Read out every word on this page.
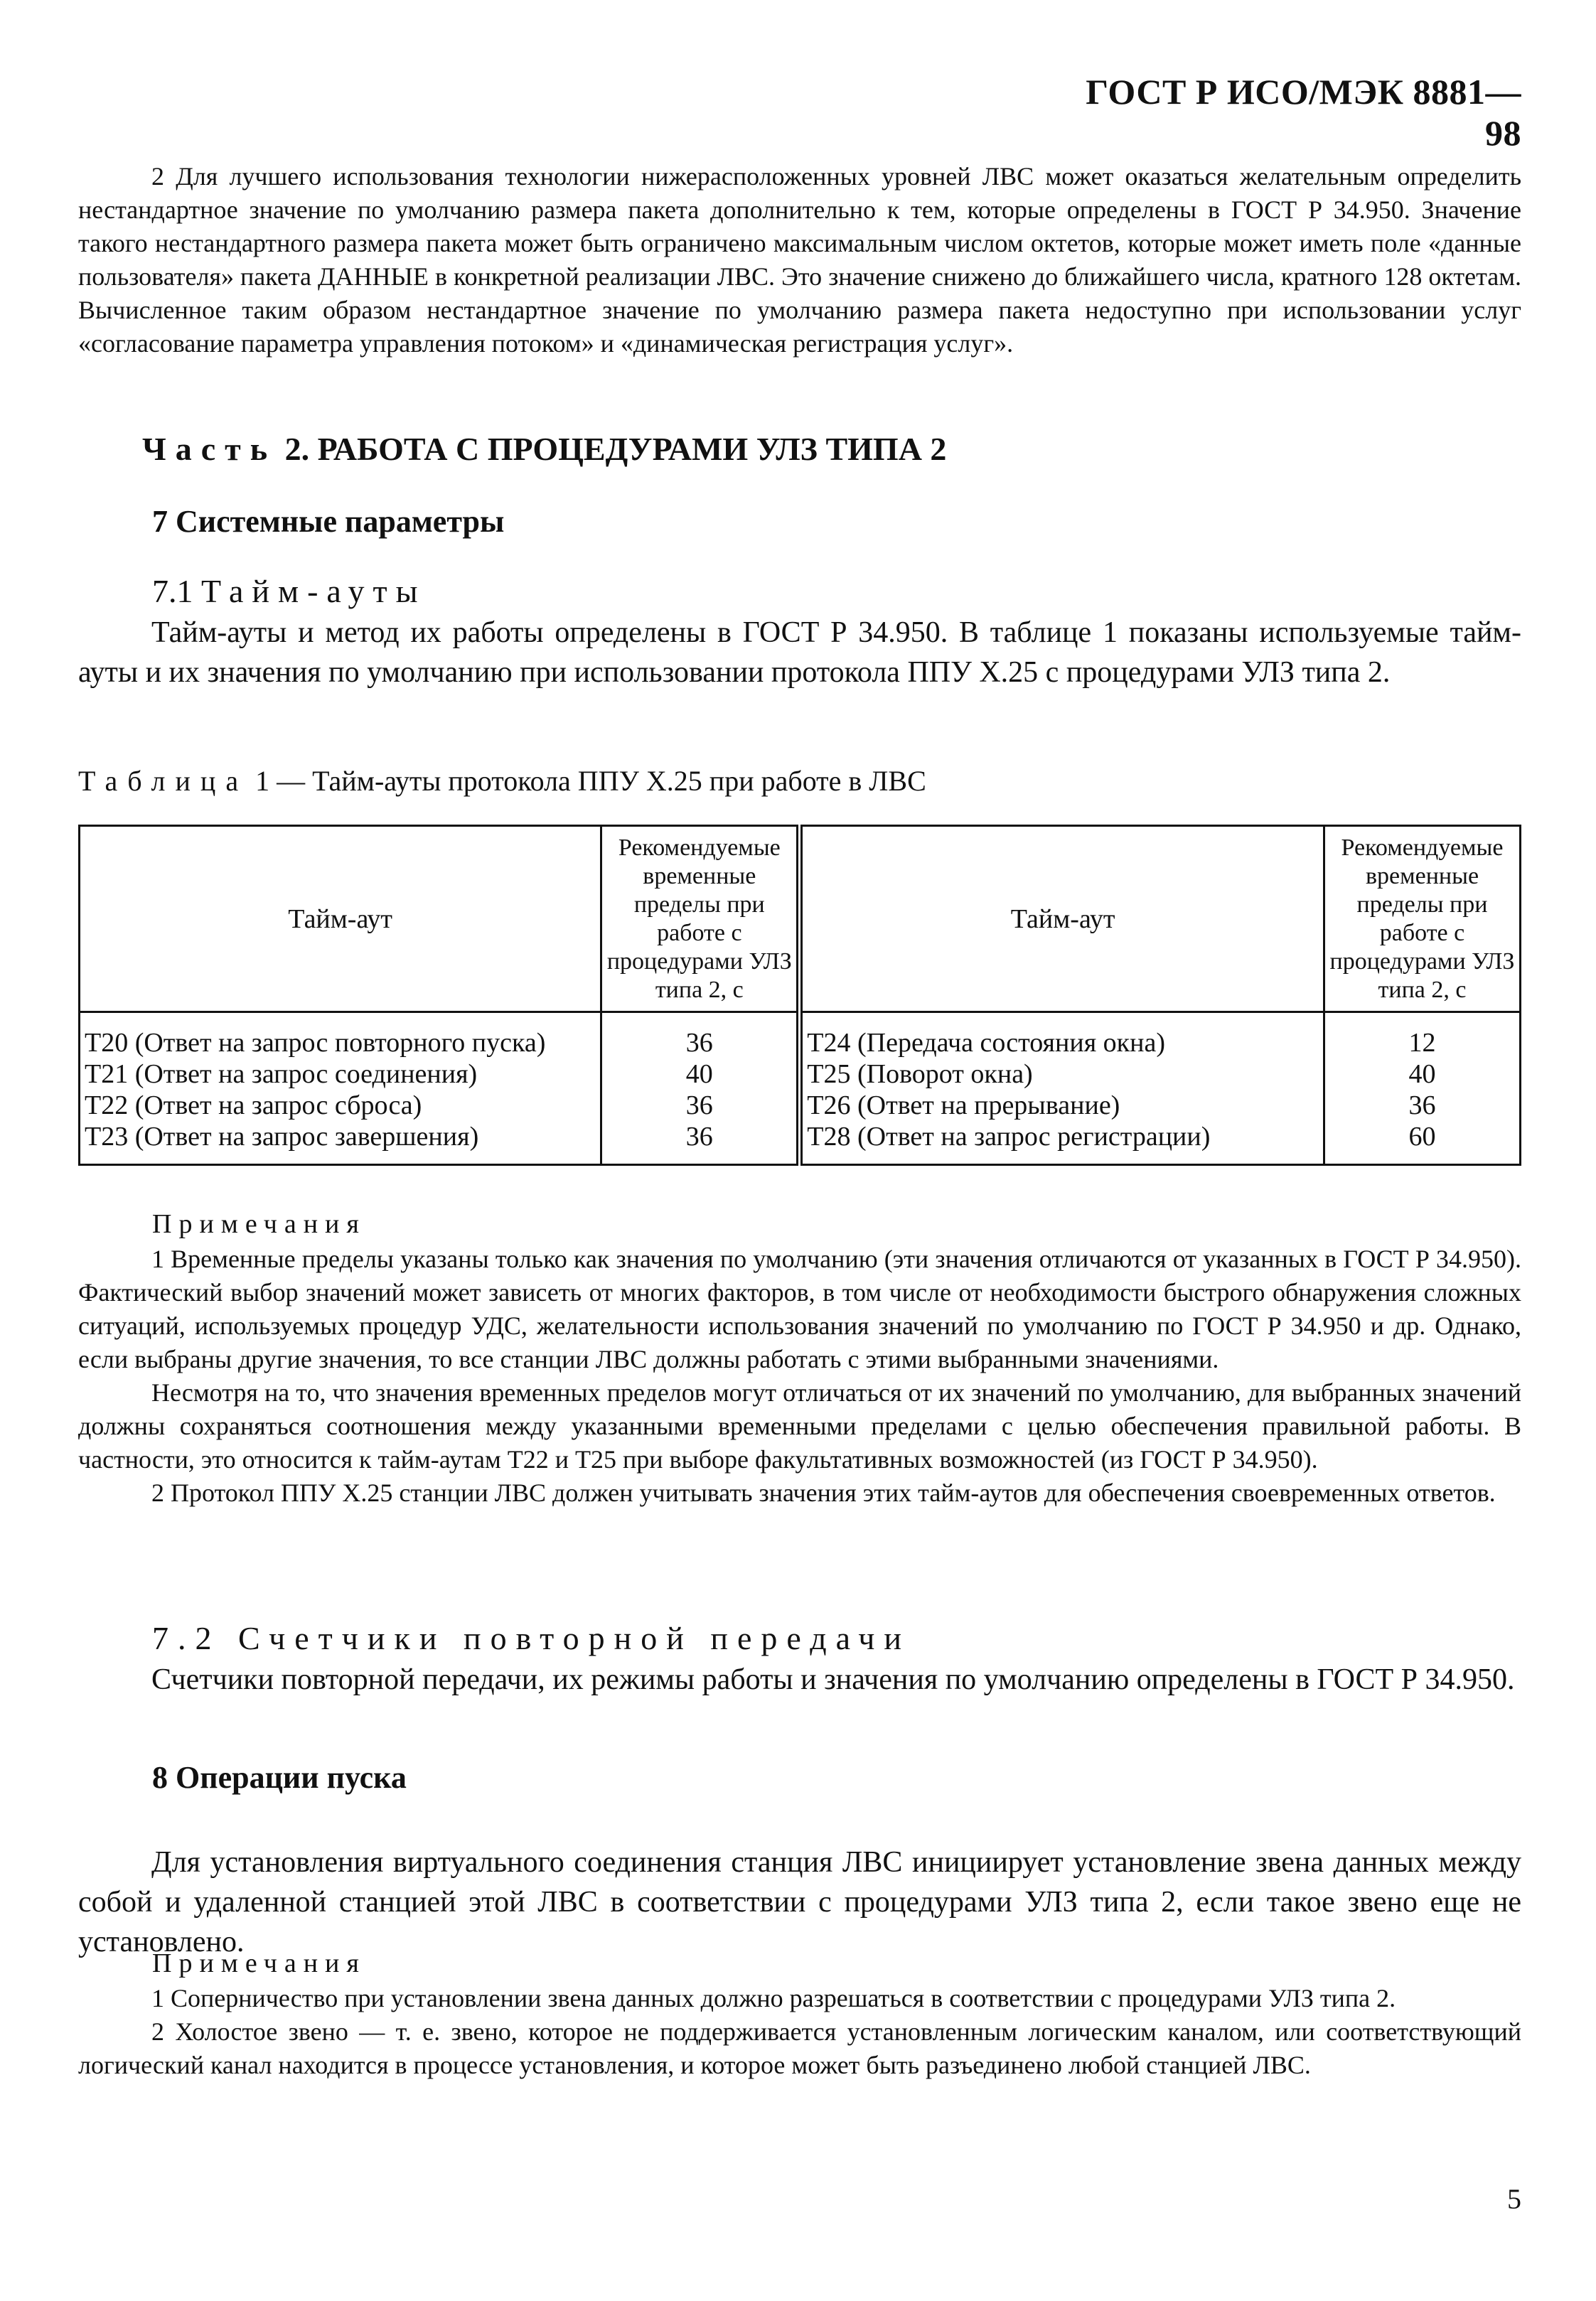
ГОСТ Р ИСО/МЭК 8881—98

2 Для лучшего использования технологии нижерасположенных уровней ЛВС может оказаться желательным определить нестандартное значение по умолчанию размера пакета дополнительно к тем, которые определены в ГОСТ Р 34.950. Значение такого нестандартного размера пакета может быть ограничено максимальным числом октетов, которые может иметь поле «данные пользователя» пакета ДАННЫЕ в конкретной реализации ЛВС. Это значение снижено до ближайшего числа, кратного 128 октетам. Вычисленное таким образом нестандартное значение по умолчанию размера пакета недоступно при использовании услуг «согласование параметра управления потоком» и «динамическая регистрация услуг».

Часть 2. РАБОТА С ПРОЦЕДУРАМИ УЛЗ ТИПА 2
7 Системные параметры
7.1 Тайм-ауты

Тайм-ауты и метод их работы определены в ГОСТ Р 34.950. В таблице 1 показаны используемые тайм-ауты и их значения по умолчанию при использовании протокола ППУ Х.25 с процедурами УЛЗ типа 2.

Таблица 1 — Тайм-ауты протокола ППУ Х.25 при работе в ЛВС
Тайм-аут	Рекомендуемые временные пределы при работе с процедурами УЛЗ типа 2, с	Тайм-аут	Рекомендуемые временные пределы при работе с процедурами УЛЗ типа 2, с
Т20 (Ответ на запрос повторного пуска)	36	Т24 (Передача состояния окна)	12
Т21 (Ответ на запрос соединения)	40	Т25 (Поворот окна)	40
Т22 (Ответ на запрос сброса)	36	Т26 (Ответ на прерывание)	36
Т23 (Ответ на запрос завершения)	36	Т28 (Ответ на запрос регистрации)	60
Примечания

1 Временные пределы указаны только как значения по умолчанию (эти значения отличаются от указанных в ГОСТ Р 34.950). Фактический выбор значений может зависеть от многих факторов, в том числе от необходимости быстрого обнаружения сложных ситуаций, используемых процедур УДС, желательности использования значений по умолчанию по ГОСТ Р 34.950 и др. Однако, если выбраны другие значения, то все станции ЛВС должны работать с этими выбранными значениями.

Несмотря на то, что значения временных пределов могут отличаться от их значений по умолчанию, для выбранных значений должны сохраняться соотношения между указанными временными пределами с целью обеспечения правильной работы. В частности, это относится к тайм-аутам Т22 и Т25 при выборе факультативных возможностей (из ГОСТ Р 34.950).

2 Протокол ППУ Х.25 станции ЛВС должен учитывать значения этих тайм-аутов для обеспечения своевременных ответов.

7.2 Счетчики повторной передачи

Счетчики повторной передачи, их режимы работы и значения по умолчанию определены в ГОСТ Р 34.950.

8 Операции пуска

Для установления виртуального соединения станция ЛВС инициирует установление звена данных между собой и удаленной станцией этой ЛВС в соответствии с процедурами УЛЗ типа 2, если такое звено еще не установлено.

Примечания

1 Соперничество при установлении звена данных должно разрешаться в соответствии с процедурами УЛЗ типа 2.

2 Холостое звено — т. е. звено, которое не поддерживается установленным логическим каналом, или соответствующий логический канал находится в процессе установления, и которое может быть разъединено любой станцией ЛВС.

5
